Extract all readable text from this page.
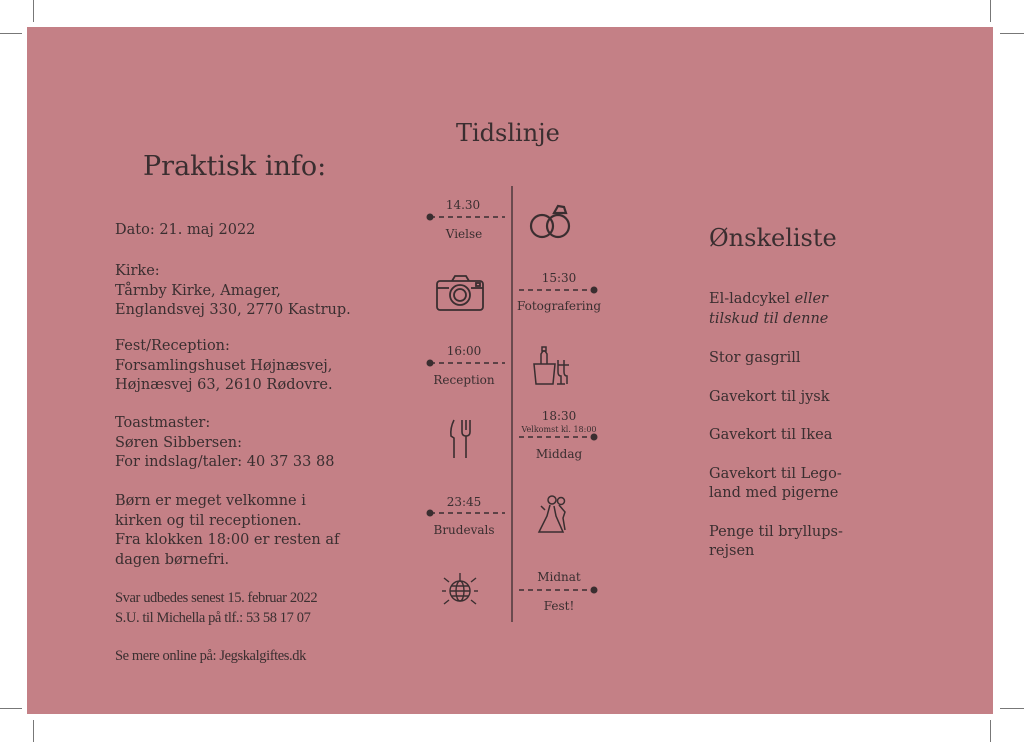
Praktisk info:
Dato: 21. maj 2022
Kirke:
Tårnby Kirke, Amager,
Englandsvej 330, 2770 Kastrup.
Fest/Reception:
Forsamlingshuset Højnæsvej,
Højnæsvej 63, 2610 Rødovre.
Toastmaster:
Søren Sibbersen:
For indslag/taler: 40 37 33 88
Børn er meget velkomne i
kirken og til receptionen.
Fra klokken 18:00 er resten af
dagen børnefri.
Svar udbedes senest 15. februar 2022
S.U. til Michella på tlf.: 53 58 17 07
Se mere online på: Jegskalgiftes.dk
Tidslinje
14.30
Vielse
15:30
Fotografering
16:00
Reception
18:30
Velkomst kl. 18:00
Middag
23:45
Brudevals
Midnat
Fest!
Ønskeliste
El-ladcykel eller
tilskud til denne
Stor gasgrill
Gavekort til jysk
Gavekort til Ikea
Gavekort til Lego-
land med pigerne
Penge til bryllups-
rejsen
